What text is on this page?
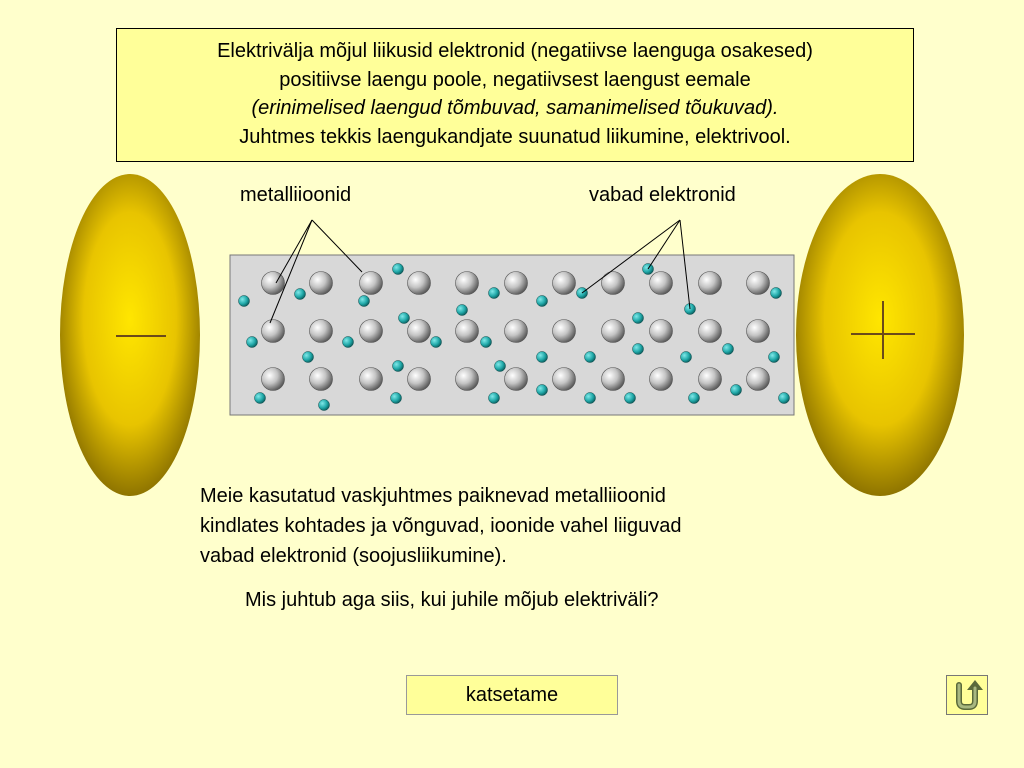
Elektrivälja mõjul liikusid elektronid (negatiivse laenguga osakesed)
positiivse laengu poole, negatiivsest laengust eemale
(erinimelised laengud tõmbuvad, samanimelised tõukuvad).
Juhtmes tekkis laengukandjate suunatud liikumine, elektrivool.
metalliioonid	vabad elektronid
Meie kasutatud vaskjuhtmes paiknevad metalliioonid
kindlates kohtades ja võnguvad, ioonide vahel liiguvad
vabad elektronid (soojusliikumine).
Mis juhtub aga siis, kui juhile mõjub elektriväli?
katsetame
